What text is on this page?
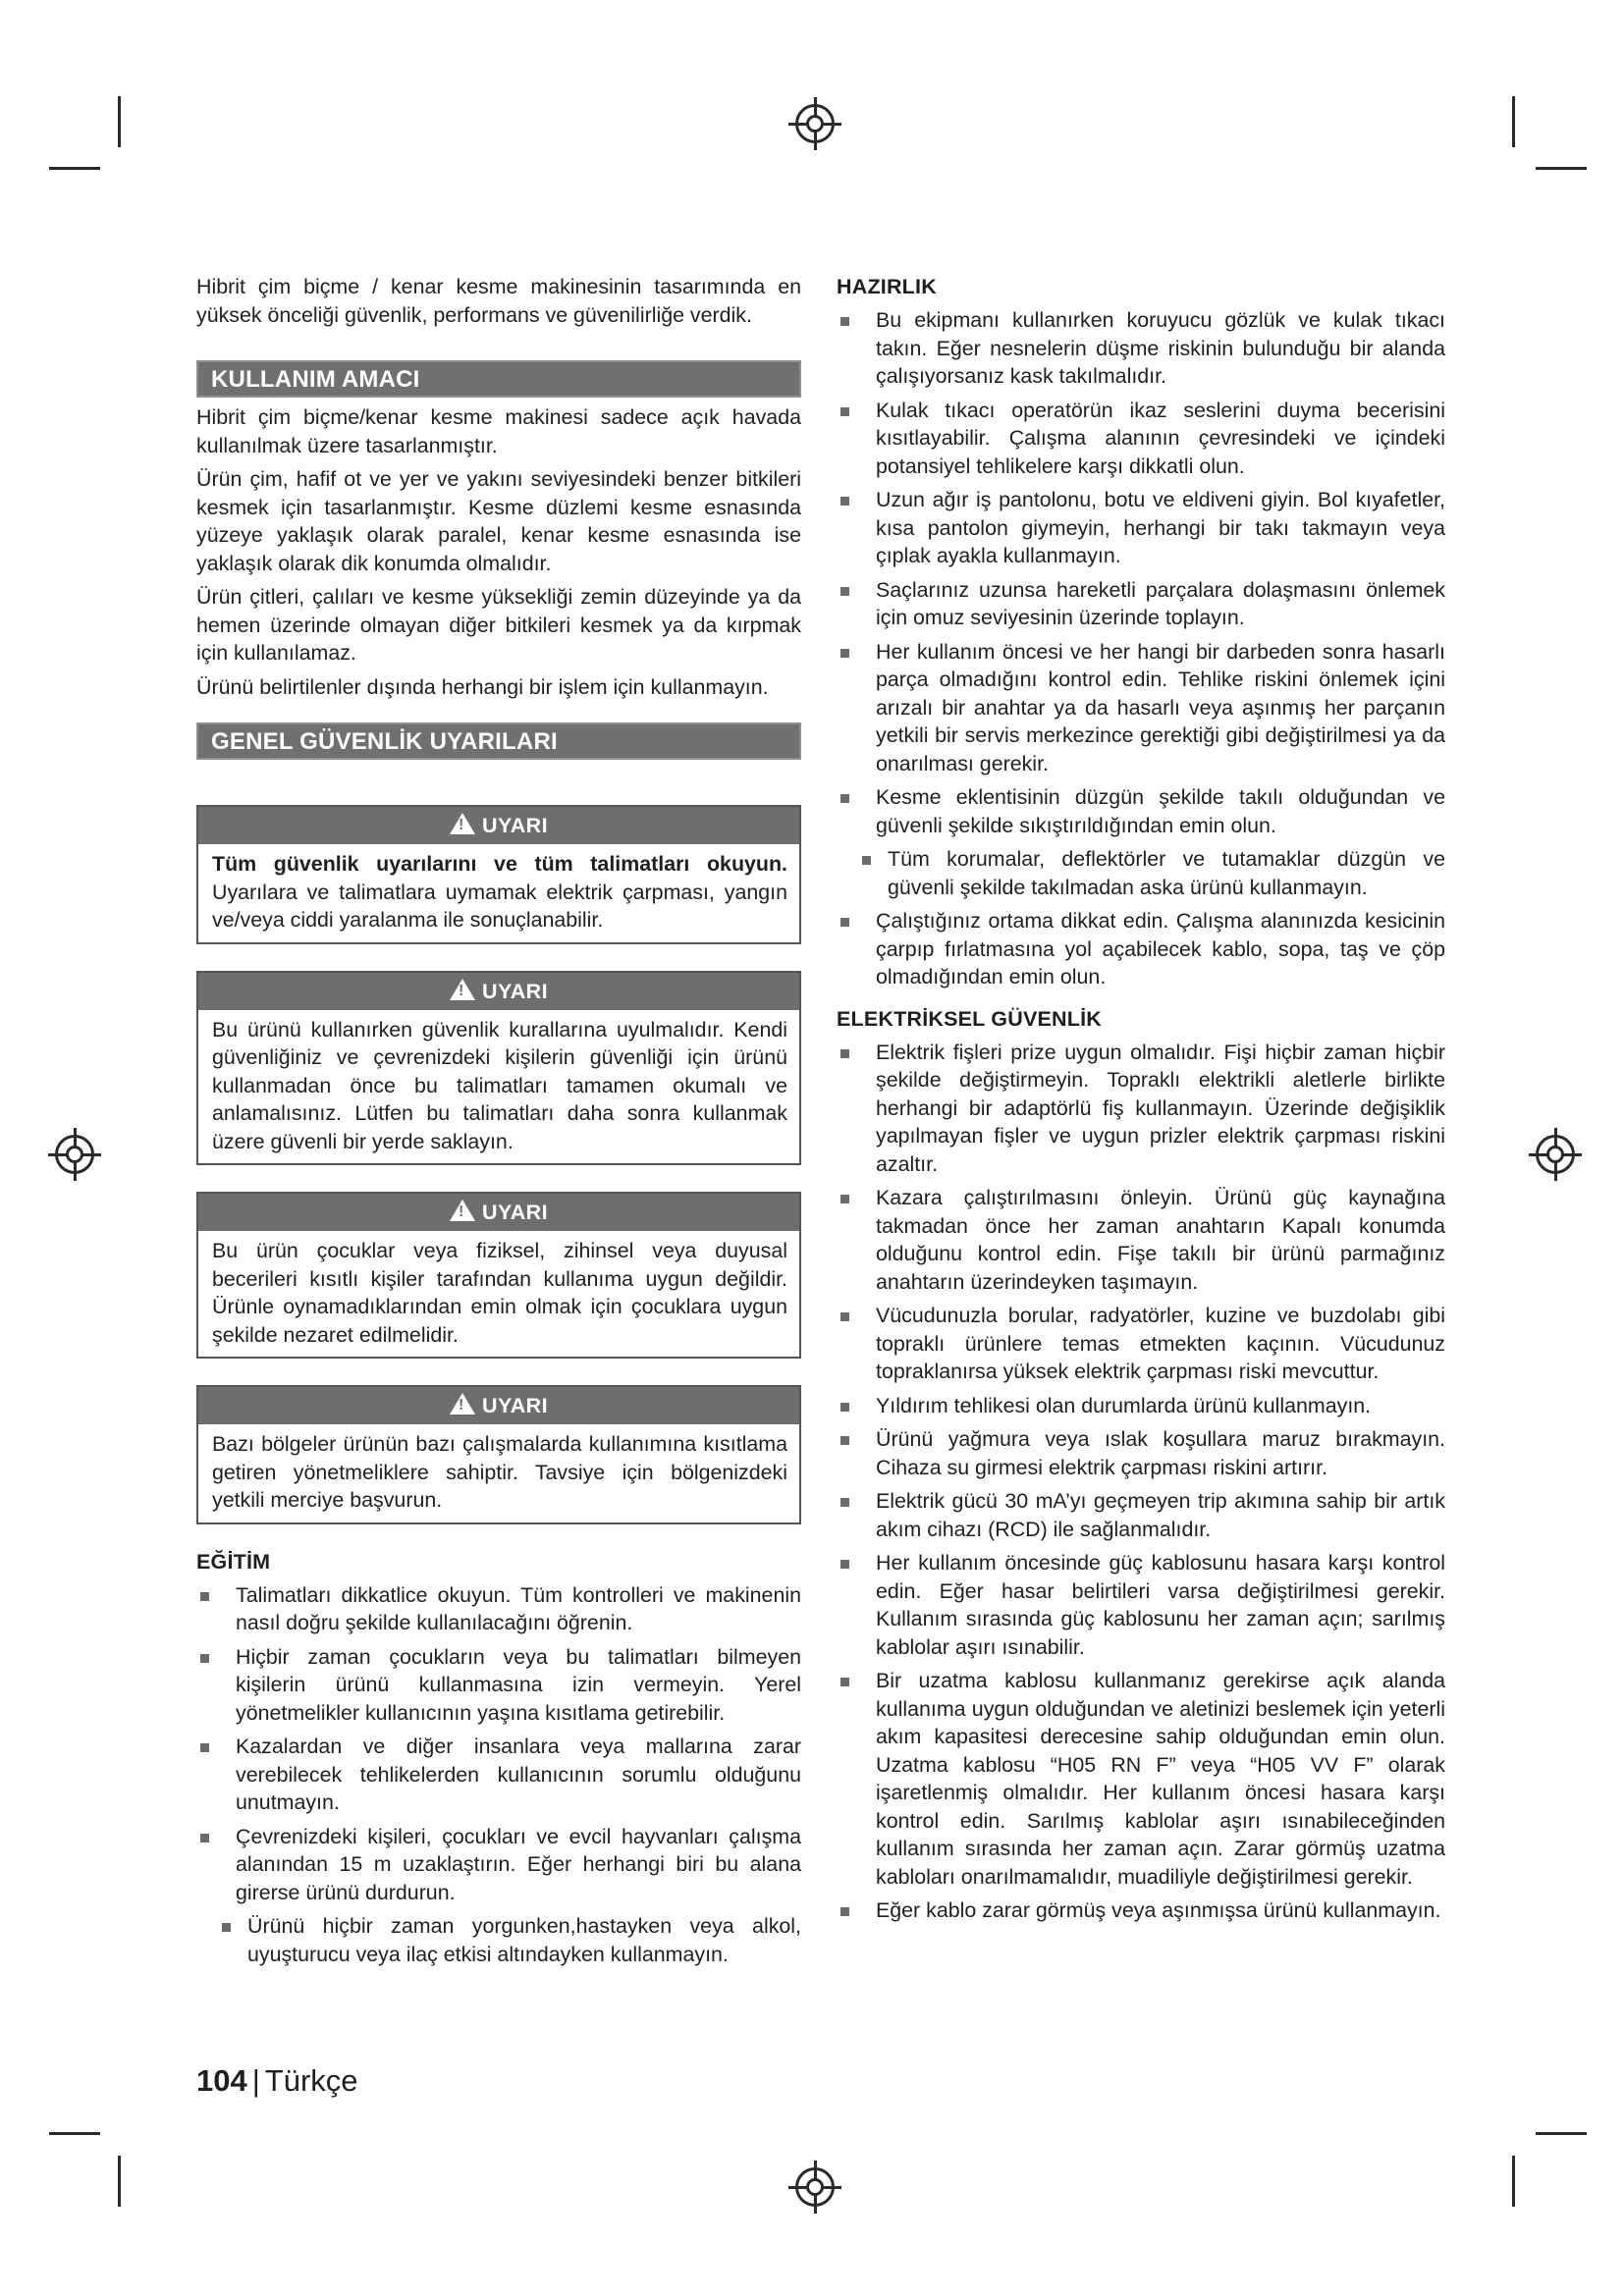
Hibrit çim biçme / kenar kesme makinesinin tasarımında en yüksek önceliği güvenlik, performans ve güvenilirliğe verdik.

KULLANIM AMACI

Hibrit çim biçme/kenar kesme makinesi sadece açık havada kullanılmak üzere tasarlanmıştır.

Ürün çim, hafif ot ve yer ve yakını seviyesindeki benzer bitkileri kesmek için tasarlanmıştır. Kesme düzlemi kesme esnasında yüzeye yaklaşık olarak paralel, kenar kesme esnasında ise yaklaşık olarak dik konumda olmalıdır.

Ürün çitleri, çalıları ve kesme yüksekliği zemin düzeyinde ya da hemen üzerinde olmayan diğer bitkileri kesmek ya da kırpmak için kullanılamaz.

Ürünü belirtilenler dışında herhangi bir işlem için kullanmayın.

GENEL GÜVENLİK UYARILARI
!UYARI

Tüm güvenlik uyarılarını ve tüm talimatları okuyun. Uyarılara ve talimatlara uymamak elektrik çarpması, yangın ve/veya ciddi yaralanma ile sonuçlanabilir.

!UYARI

Bu ürünü kullanırken güvenlik kurallarına uyulmalıdır. Kendi güvenliğiniz ve çevrenizdeki kişilerin güvenliği için ürünü kullanmadan önce bu talimatları tamamen okumalı ve anlamalısınız. Lütfen bu talimatları daha sonra kullanmak üzere güvenli bir yerde saklayın.

!UYARI

Bu ürün çocuklar veya fiziksel, zihinsel veya duyusal becerileri kısıtlı kişiler tarafından kullanıma uygun değildir. Ürünle oynamadıklarından emin olmak için çocuklara uygun şekilde nezaret edilmelidir.

!UYARI

Bazı bölgeler ürünün bazı çalışmalarda kullanımına kısıtlama getiren yönetmeliklere sahiptir. Tavsiye için bölgenizdeki yetkili merciye başvurun.

EĞİTİM
Talimatları dikkatlice okuyun. Tüm kontrolleri ve makinenin nasıl doğru şekilde kullanılacağını öğrenin.
Hiçbir zaman çocukların veya bu talimatları bilmeyen kişilerin ürünü kullanmasına izin vermeyin. Yerel yönetmelikler kullanıcının yaşına kısıtlama getirebilir.
Kazalardan ve diğer insanlara veya mallarına zarar verebilecek tehlikelerden kullanıcının sorumlu olduğunu unutmayın.
Çevrenizdeki kişileri, çocukları ve evcil hayvanları çalışma alanından 15 m uzaklaştırın. Eğer herhangi biri bu alana girerse ürünü durdurun.
Ürünü hiçbir zaman yorgunken,hastayken veya alkol, uyuşturucu veya ilaç etkisi altındayken kullanmayın.
HAZIRLIK
Bu ekipmanı kullanırken koruyucu gözlük ve kulak tıkacı takın. Eğer nesnelerin düşme riskinin bulunduğu bir alanda çalışıyorsanız kask takılmalıdır.
Kulak tıkacı operatörün ikaz seslerini duyma becerisini kısıtlayabilir. Çalışma alanının çevresindeki ve içindeki potansiyel tehlikelere karşı dikkatli olun.
Uzun ağır iş pantolonu, botu ve eldiveni giyin. Bol kıyafetler, kısa pantolon giymeyin, herhangi bir takı takmayın veya çıplak ayakla kullanmayın.
Saçlarınız uzunsa hareketli parçalara dolaşmasını önlemek için omuz seviyesinin üzerinde toplayın.
Her kullanım öncesi ve her hangi bir darbeden sonra hasarlı parça olmadığını kontrol edin. Tehlike riskini önlemek içini arızalı bir anahtar ya da hasarlı veya aşınmış her parçanın yetkili bir servis merkezince gerektiği gibi değiştirilmesi ya da onarılması gerekir.
Kesme eklentisinin düzgün şekilde takılı olduğundan ve güvenli şekilde sıkıştırıldığından emin olun.
Tüm korumalar, deflektörler ve tutamaklar düzgün ve güvenli şekilde takılmadan aska ürünü kullanmayın.
Çalıştığınız ortama dikkat edin. Çalışma alanınızda kesicinin çarpıp fırlatmasına yol açabilecek kablo, sopa, taş ve çöp olmadığından emin olun.
ELEKTRİKSEL GÜVENLİK
Elektrik fişleri prize uygun olmalıdır. Fişi hiçbir zaman hiçbir şekilde değiştirmeyin. Topraklı elektrikli aletlerle birlikte herhangi bir adaptörlü fiş kullanmayın. Üzerinde değişiklik yapılmayan fişler ve uygun prizler elektrik çarpması riskini azaltır.
Kazara çalıştırılmasını önleyin. Ürünü güç kaynağına takmadan önce her zaman anahtarın Kapalı konumda olduğunu kontrol edin. Fişe takılı bir ürünü parmağınız anahtarın üzerindeyken taşımayın.
Vücudunuzla borular, radyatörler, kuzine ve buzdolabı gibi topraklı ürünlere temas etmekten kaçının. Vücudunuz topraklanırsa yüksek elektrik çarpması riski mevcuttur.
Yıldırım tehlikesi olan durumlarda ürünü kullanmayın.
Ürünü yağmura veya ıslak koşullara maruz bırakmayın. Cihaza su girmesi elektrik çarpması riskini artırır.
Elektrik gücü 30 mA’yı geçmeyen trip akımına sahip bir artık akım cihazı (RCD) ile sağlanmalıdır.
Her kullanım öncesinde güç kablosunu hasara karşı kontrol edin. Eğer hasar belirtileri varsa değiştirilmesi gerekir. Kullanım sırasında güç kablosunu her zaman açın; sarılmış kablolar aşırı ısınabilir.
Bir uzatma kablosu kullanmanız gerekirse açık alanda kullanıma uygun olduğundan ve aletinizi beslemek için yeterli akım kapasitesi derecesine sahip olduğundan emin olun. Uzatma kablosu “H05 RN F” veya “H05 VV F” olarak işaretlenmiş olmalıdır. Her kullanım öncesi hasara karşı kontrol edin. Sarılmış kablolar aşırı ısınabileceğinden kullanım sırasında her zaman açın. Zarar görmüş uzatma kabloları onarılmamalıdır, muadiliyle değiştirilmesi gerekir.
Eğer kablo zarar görmüş veya aşınmışsa ürünü kullanmayın.
104 | Türkçe
